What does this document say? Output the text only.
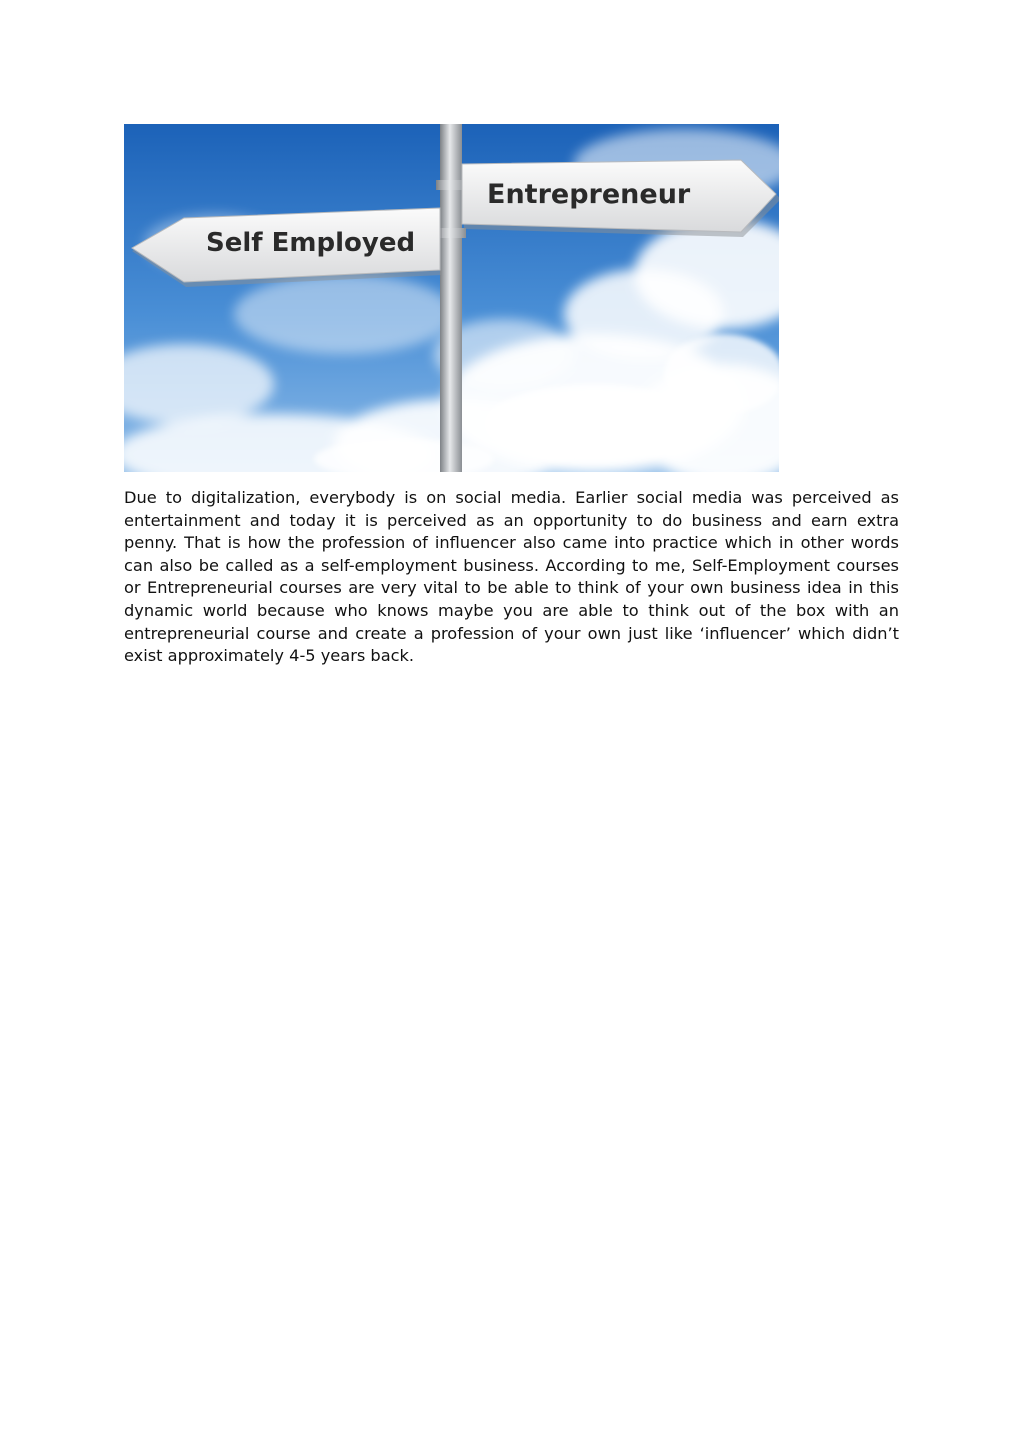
Entrepreneur
Self Employed

Due to digitalization, everybody is on social media. Earlier social media was perceived as entertainment and today it is perceived as an opportunity to do business and earn extra penny. That is how the profession of influencer also came into practice which in other words can also be called as a self-employment business. According to me, Self-Employment courses or Entrepreneurial courses are very vital to be able to think of your own business idea in this dynamic world because who knows maybe you are able to think out of the box with an entrepreneurial course and create a profession of your own just like ‘influencer’ which didn’t exist approximately 4-5 years back.
